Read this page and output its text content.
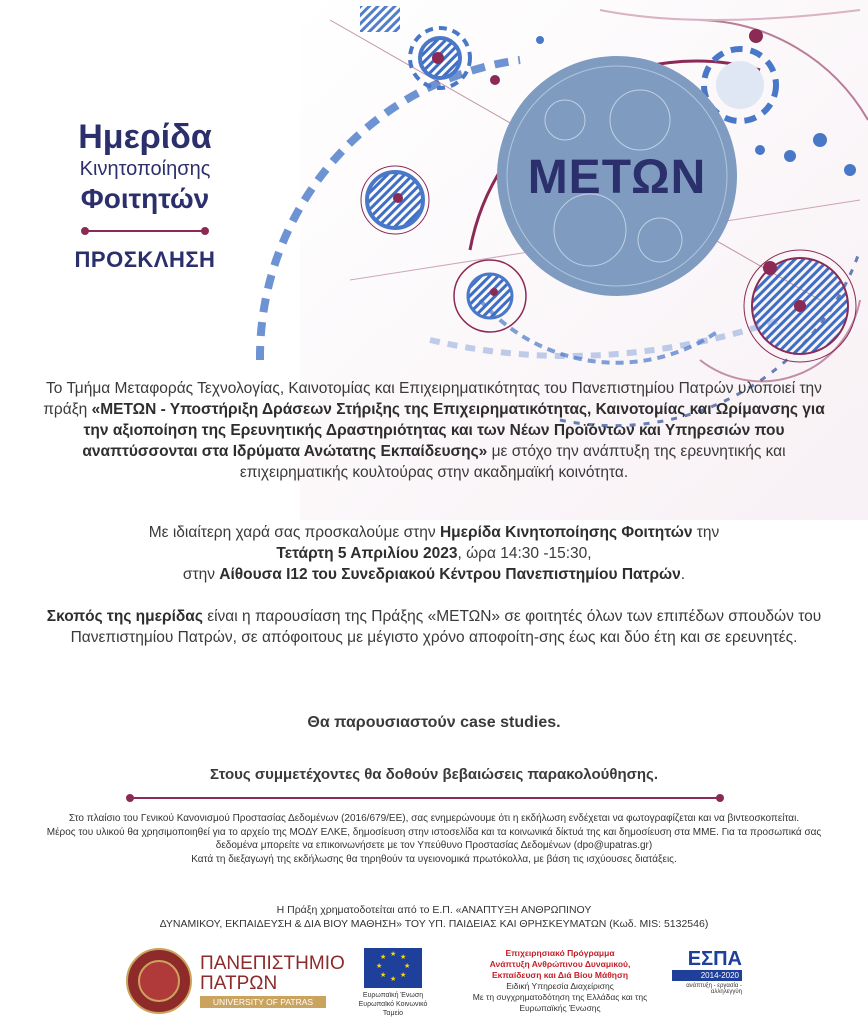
Ημερίδα
Κινητοποίησης
Φοιτητών
ΠΡΟΣΚΛΗΣΗ
ΜΕΤΩΝ
Το Τμήμα Μεταφοράς Τεχνολογίας, Καινοτομίας και Επιχειρηματικότητας του Πανεπιστημίου Πατρών υλοποιεί την πράξη «ΜΕΤΩΝ - Υποστήριξη Δράσεων Στήριξης της Επιχειρηματικότητας, Καινοτομίας και Ωρίμανσης για την αξιοποίηση της Ερευνητικής Δραστηριότητας και των Νέων Προϊόντων και Υπηρεσιών που αναπτύσσονται στα Ιδρύματα Ανώτατης Εκπαίδευσης» με στόχο την ανάπτυξη της ερευνητικής και επιχειρηματικής κουλτούρας στην ακαδημαϊκή κοινότητα.
Με ιδιαίτερη χαρά σας προσκαλούμε στην Ημερίδα Κινητοποίησης Φοιτητών την
Τετάρτη 5 Απριλίου 2023, ώρα 14:30 -15:30,
στην Αίθουσα Ι12 του Συνεδριακού Κέντρου Πανεπιστημίου Πατρών.
Σκοπός της ημερίδας είναι η παρουσίαση της Πράξης «ΜΕΤΩΝ» σε φοιτητές όλων των επιπέδων σπουδών του Πανεπιστημίου Πατρών, σε απόφοιτους με μέγιστο χρόνο αποφοίτη-σης έως και δύο έτη και σε ερευνητές.
Θα παρουσιαστούν case studies.
Στους συμμετέχοντες θα δοθούν βεβαιώσεις παρακολούθησης.
Στο πλαίσιο του Γενικού Κανονισμού Προστασίας Δεδομένων (2016/679/ΕΕ), σας ενημερώνουμε ότι η εκδήλωση ενδέχεται να φωτογραφίζεται και να βιντεοσκοπείται.
Μέρος του υλικού θα χρησιμοποιηθεί για το αρχείο της ΜΟΔΥ ΕΛΚΕ, δημοσίευση στην ιστοσελίδα και τα κοινωνικά δίκτυά της και δημοσίευση στα ΜΜΕ. Για τα προσωπικά σας δεδομένα μπορείτε να επικοινωνήσετε με τον Υπεύθυνο Προστασίας Δεδομένων (dpo@upatras.gr)
Κατά τη διεξαγωγή της εκδήλωσης θα τηρηθούν τα υγειονομικά πρωτόκολλα, με βάση τις ισχύουσες διατάξεις.
Η Πράξη χρηματοδοτείται από το Ε.Π. «ΑΝΑΠΤΥΞΗ ΑΝΘΡΩΠΙΝΟΥ
ΔΥΝΑΜΙΚΟΥ, ΕΚΠΑΙΔΕΥΣΗ & ΔΙΑ ΒΙΟΥ ΜΑΘΗΣΗ» ΤΟΥ ΥΠ. ΠΑΙΔΕΙΑΣ ΚΑΙ ΘΡΗΣΚΕΥΜΑΤΩΝ (Κωδ. MIS: 5132546)
ΠΑΝΕΠΙΣΤΗΜΙΟ ΠΑΤΡΩΝ
UNIVERSITY OF PATRAS
★ ★
★
★
★
★
★
★
Ευρωπαϊκή Ένωση
Ευρωπαϊκό Κοινωνικό Ταμείο
Επιχειρησιακό Πρόγραμμα
Ανάπτυξη Ανθρώπινου Δυναμικού,
Εκπαίδευση και Διά Βίου Μάθηση
Ειδική Υπηρεσία Διαχείρισης
Με τη συγχρηματοδότηση της Ελλάδας και της Ευρωπαϊκής Ένωσης
ΕΣΠΑ
2014-2020
ανάπτυξη - εργασία - αλληλεγγύη
